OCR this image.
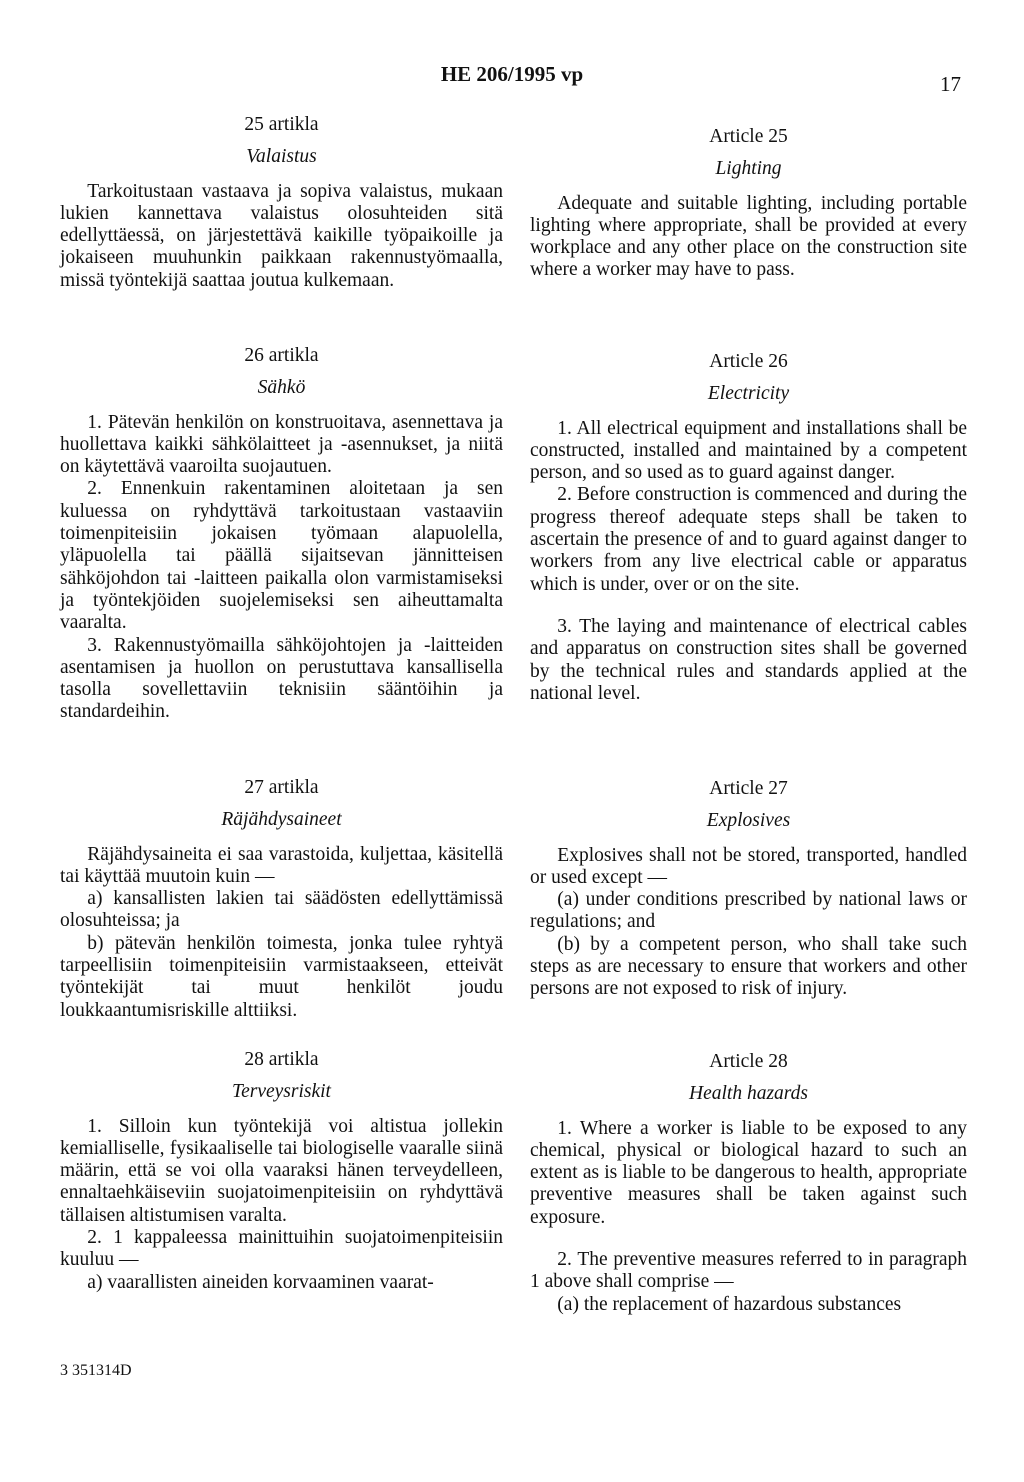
HE 206/1995 vp	17
25 artikla
Valaistus

Tarkoitustaan vastaava ja sopiva valaistus, mukaan lukien kannettava valaistus olosuhteiden sitä edellyttäessä, on järjestettävä kaikille työpaikoille ja jokaiseen muuhunkin paikkaan rakennustyömaalla, missä työntekijä saattaa joutua kulkemaan.

26 artikla
Sähkö

1. Pätevän henkilön on konstruoitava, asennettava ja huollettava kaikki sähkölaitteet ja -asennukset, ja niitä on käytettävä vaaroilta suojautuen.

2. Ennenkuin rakentaminen aloitetaan ja sen kuluessa on ryhdyttävä tarkoitustaan vastaaviin toimenpiteisiin jokaisen työmaan alapuolella, yläpuolella tai päällä sijaitsevan jännitteisen sähköjohdon tai -laitteen paikalla olon varmistamiseksi ja työntekjöiden suojelemiseksi sen aiheuttamalta vaaralta.

3. Rakennustyömailla sähköjohtojen ja -laitteiden asentamisen ja huollon on perustuttava kansallisella tasolla sovellettaviin teknisiin sääntöihin ja standardeihin.

27 artikla
Räjähdysaineet

Räjähdysaineita ei saa varastoida, kuljettaa, käsitellä tai käyttää muutoin kuin —

a) kansallisten lakien tai säädösten edellyttämissä olosuhteissa; ja

b) pätevän henkilön toimesta, jonka tulee ryhtyä tarpeellisiin toimenpiteisiin varmistaakseen, etteivät työntekijät tai muut henkilöt joudu loukkaantumisriskille alttiiksi.

28 artikla
Terveysriskit

1. Silloin kun työntekijä voi altistua jollekin kemialliselle, fysikaaliselle tai biologiselle vaaralle siinä määrin, että se voi olla vaaraksi hänen terveydelleen, ennaltaehkäiseviin suojatoimenpiteisiin on ryhdyttävä tällaisen altistumisen varalta.

2. 1 kappaleessa mainittuihin suojatoimenpiteisiin kuuluu —

a) vaarallisten aineiden korvaaminen vaarat-

Article 25
Lighting

Adequate and suitable lighting, including portable lighting where appropriate, shall be provided at every workplace and any other place on the construction site where a worker may have to pass.

Article 26
Electricity

1. All electrical equipment and installations shall be constructed, installed and maintained by a competent person, and so used as to guard against danger.

2. Before construction is commenced and during the progress thereof adequate steps shall be taken to ascertain the presence of and to guard against danger to workers from any live electrical cable or apparatus which is under, over or on the site.

3. The laying and maintenance of electrical cables and apparatus on construction sites shall be governed by the technical rules and standards applied at the national level.

Article 27
Explosives

Explosives shall not be stored, transported, handled or used except —

(a) under conditions prescribed by national laws or regulations; and

(b) by a competent person, who shall take such steps as are necessary to ensure that workers and other persons are not exposed to risk of injury.

Article 28
Health hazards

1. Where a worker is liable to be exposed to any chemical, physical or biological hazard to such an extent as is liable to be dangerous to health, appropriate preventive measures shall be taken against such exposure.

2. The preventive measures referred to in paragraph 1 above shall comprise —

(a) the replacement of hazardous substances

3 351314D
